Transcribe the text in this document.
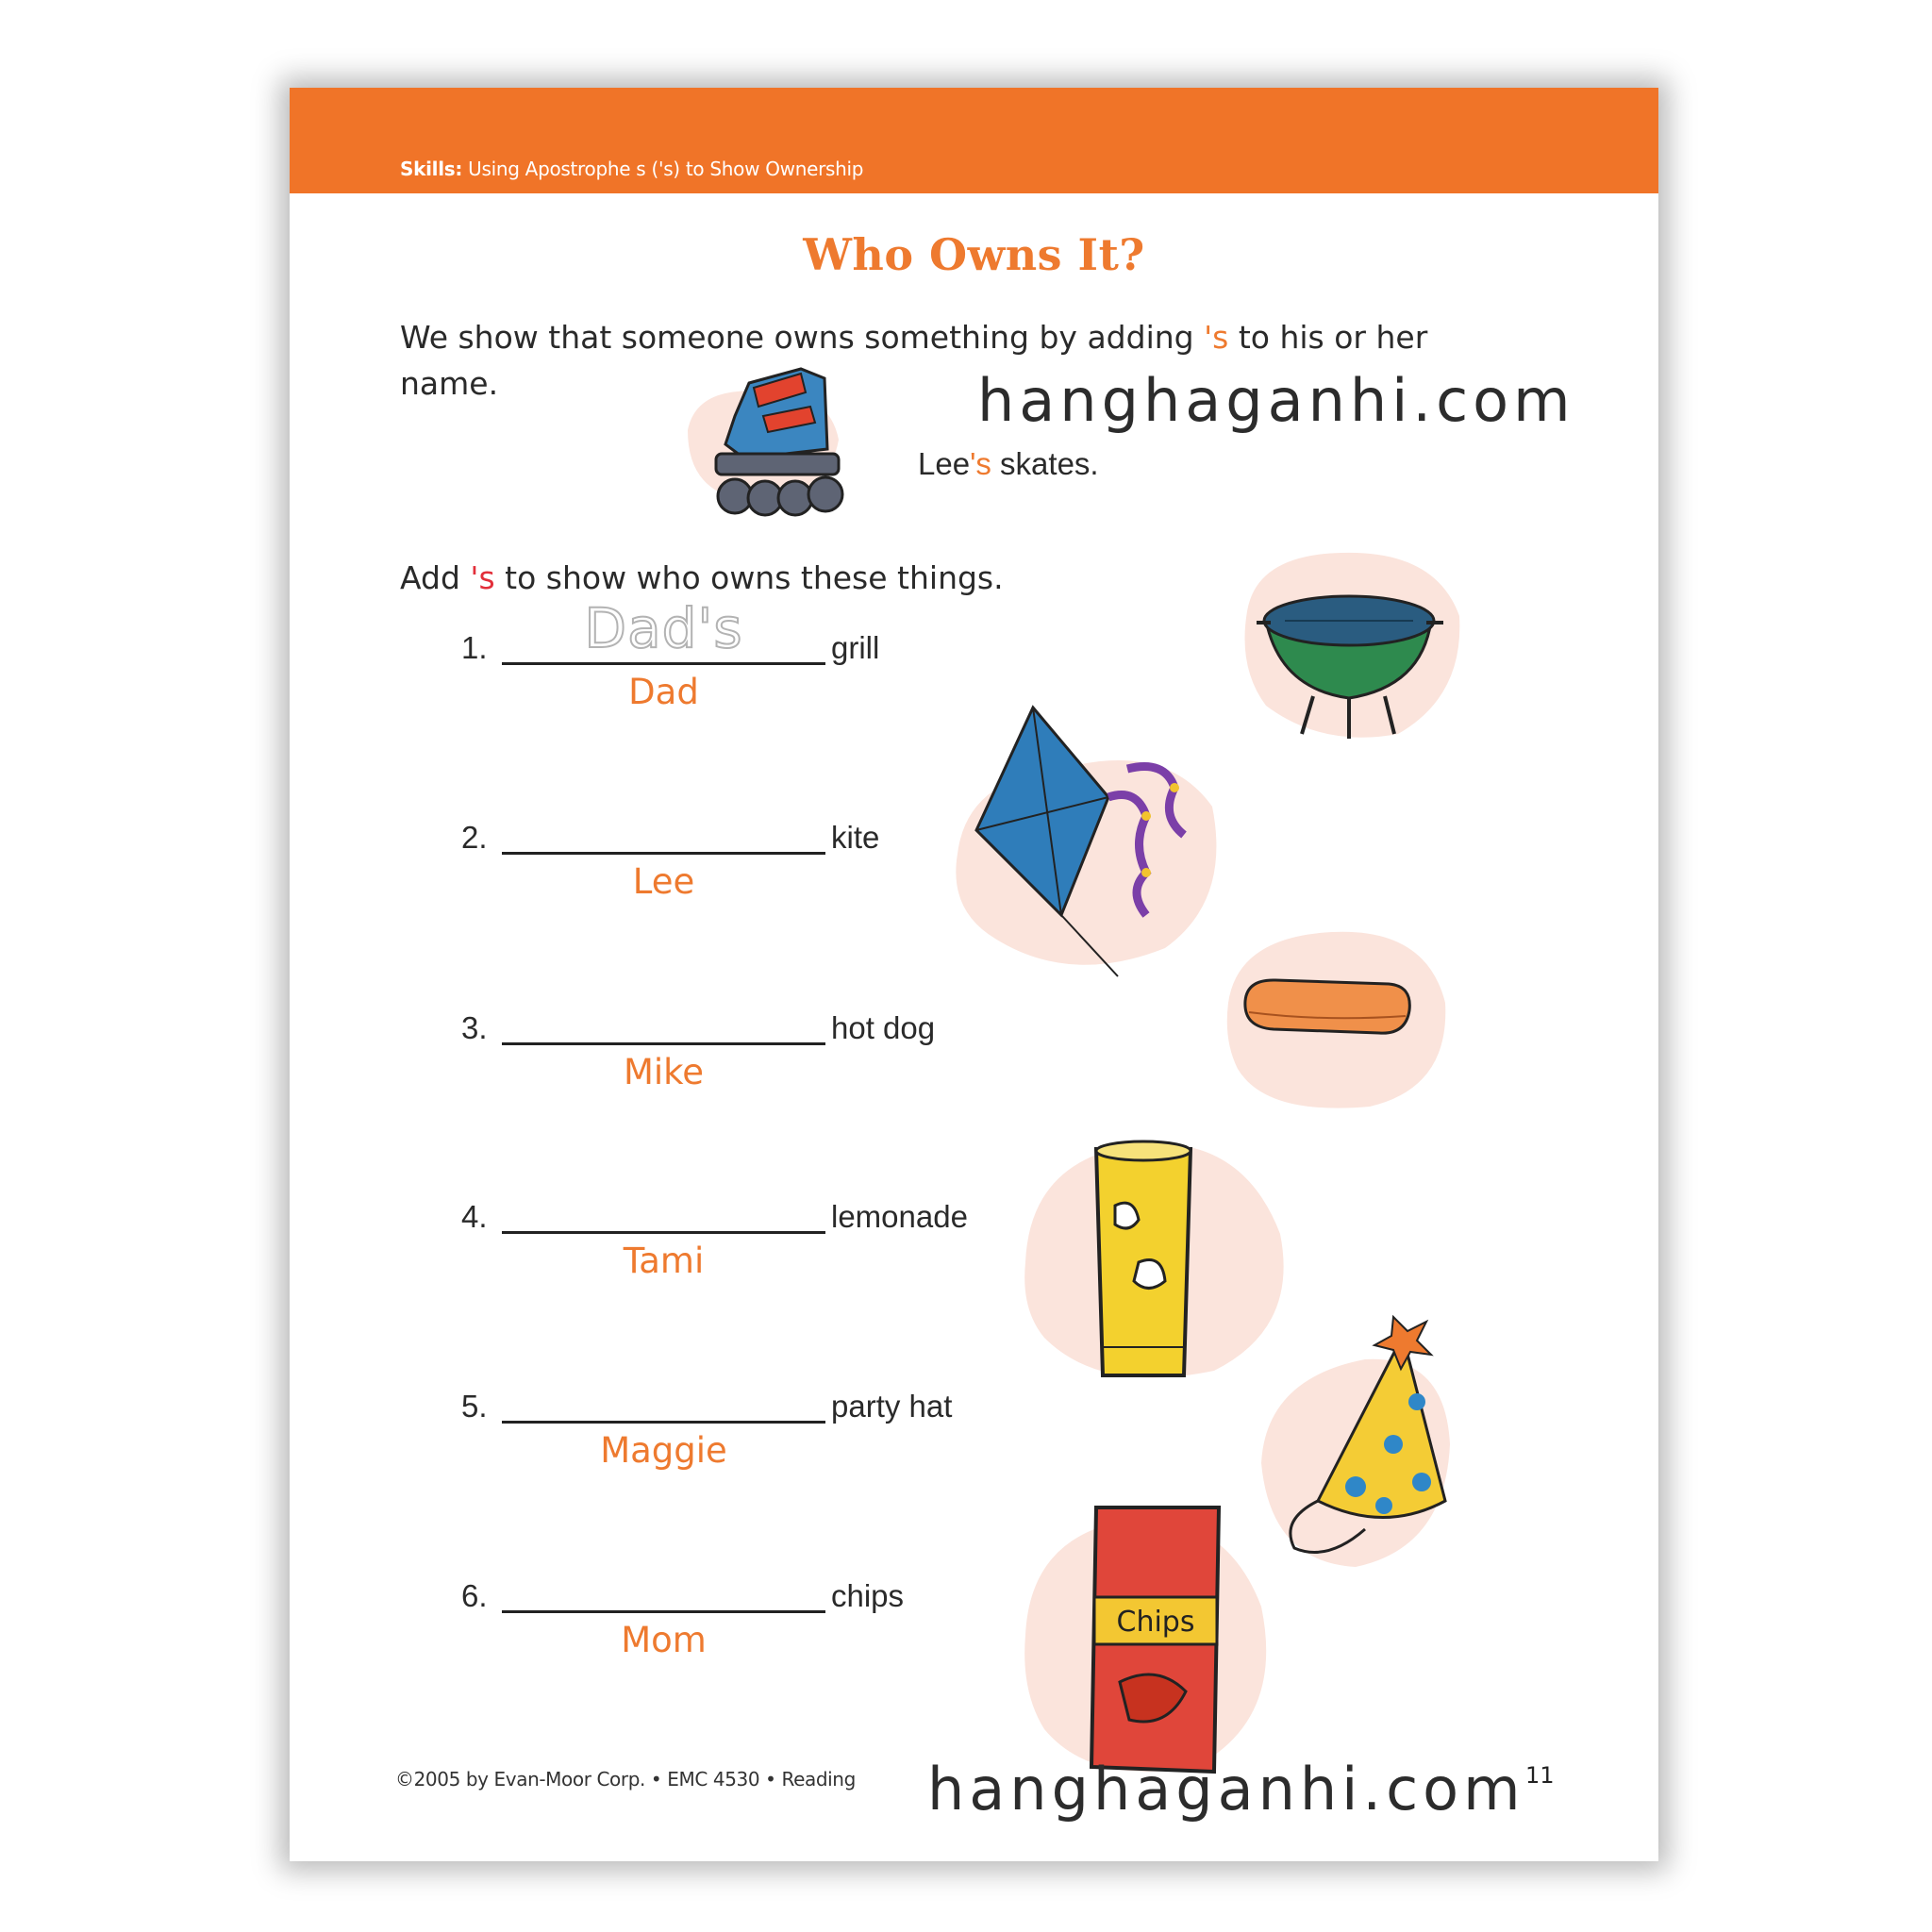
Skills: Using Apostrophe s ('s) to Show Ownership
Who Owns It?
We show that someone owns something by adding 's to his or her name.
Lee's skates.
Add 's to show who owns these things.
1.	Dad's	grill
Dad
2.	kite
Lee
3.	hot dog
Mike
4.	lemonade
Tami
5.	party hat
Maggie
6.	chips
Mom	Chips
©2005 by Evan-Moor Corp. • EMC 4530 • Reading	11
hanghaganhi.com
hanghaganhi.com
